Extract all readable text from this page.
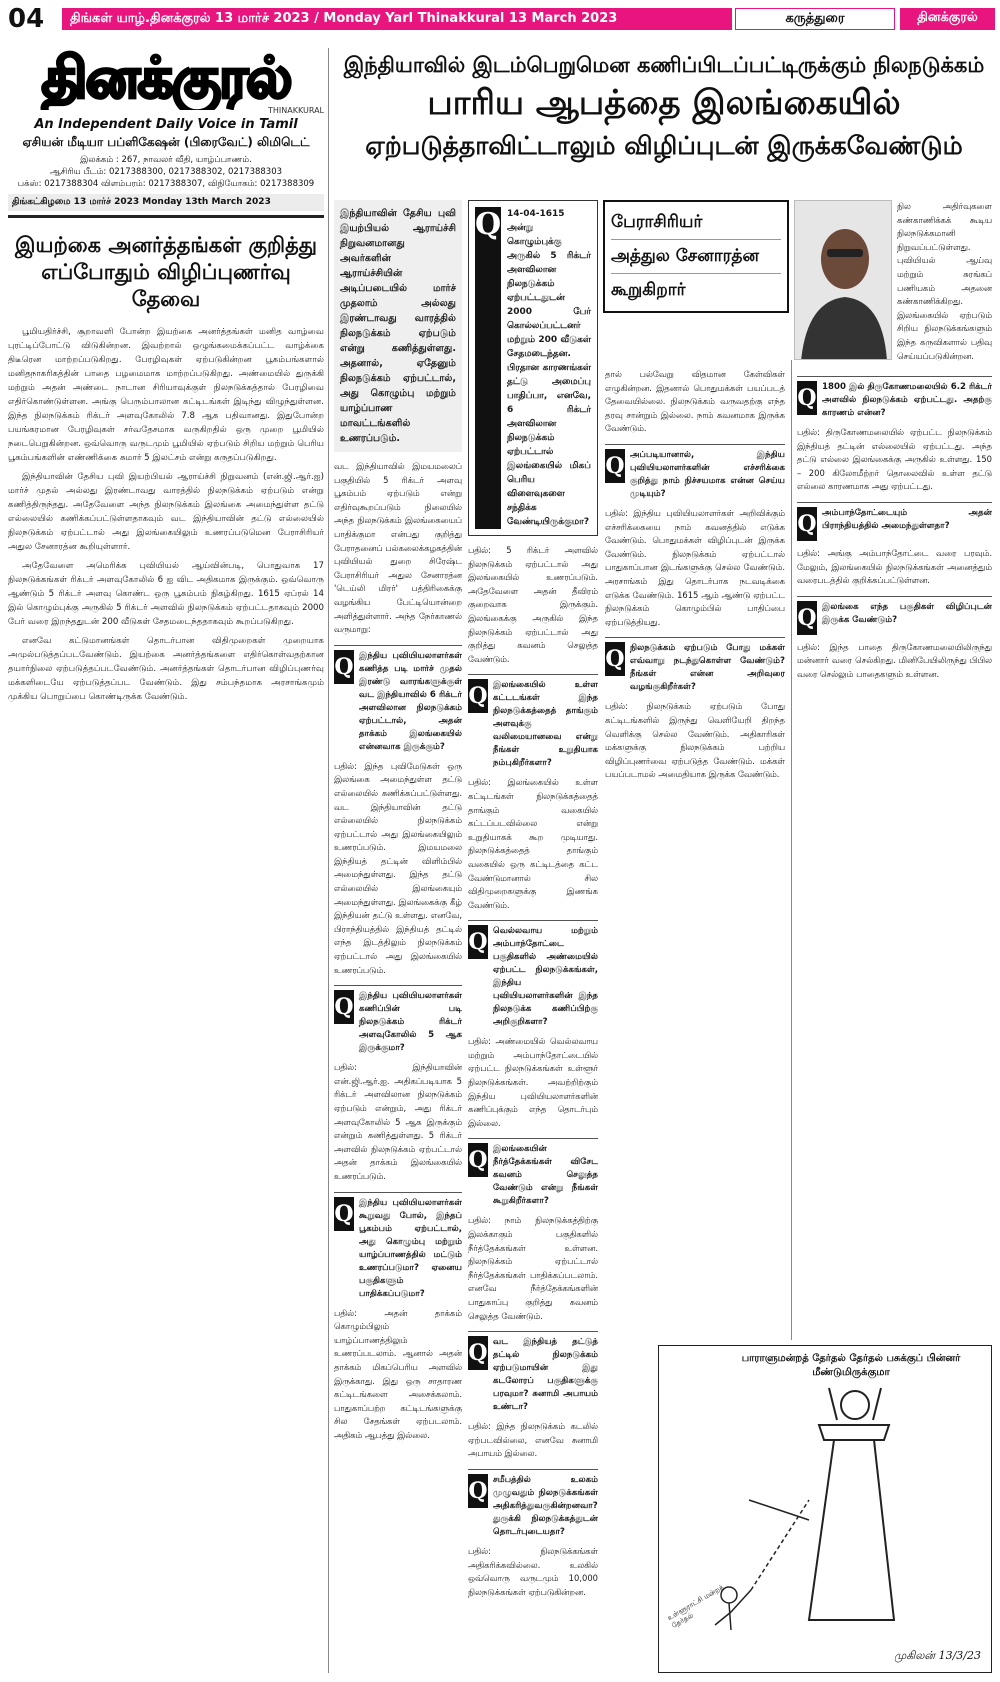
04	திங்கள் யாழ்.தினக்குரல் 13 மார்ச் 2023 / Monday Yarl Thinakkural 13 March 2023	கருத்துரை	தினக்குரல்
தினக்குரல்
THINAKKURAL
An Independent Daily Voice in Tamil
ஏசியன் மீடியா பப்ளிகேஷன் (பிரைவேட்) லிமிடெட்
இலக்கம் : 267, நாவலர் வீதி, யாழ்ப்பாணம்.
ஆசிரிய பீடம்: 0217388300, 0217388302, 0217388303
பக்ஸ்: 0217388304 விளம்பரம்: 0217388307, விநியோகம்: 0217388309
திங்கட்கிழமை 13 மார்ச் 2023 Monday 13th March 2023
இயற்கை அனர்த்தங்கள் குறித்து எப்போதும் விழிப்புணர்வு தேவை

பூமியதிர்ச்சி, சூறாவளி போன்ற இயற்கை அனர்த்தங்கள் மனித வாழ்வை புரட்டிப்போட்டு விடுகின்றன. இவற்றால் ஒழுங்கமைக்கப்பட்ட வாழ்க்கை திடீரென மாற்றப்படுகிறது. பேரழிவுகள் ஏற்படுகின்றன பூகம்பங்களால் மனிதநாகரிகத்தின் பாதை பழமைமாக மாற்றப்படுகிறது. அண்மையில் துருக்கி மற்றும் அதன் அண்டை நாடான சிரியாவுக்குள் நிலநடுக்கத்தால் பேரழிவை எதிர்கொண்டுள்ளன. அங்கு பெரும்பாலான கட்டிடங்கள் இடிந்து விழுந்துள்ளன. இந்த நிலநடுக்கம் ரிக்டர் அளவுகோலில் 7.8 ஆக பதிவானது. இதுபோன்ற பயங்கரமான பேரழிவுகள் சர்வதேசமாக வருகிறதில் ஒரு முறை பூமியில் நடைபெறுகின்றன. ஒவ்வொரு வருடமும் பூமியில் ஏற்படும் சிறிய மற்றும் பெரிய பூகம்பங்களின் எண்ணிக்கை சுமார் 5 இலட்சம் என்று கருதப்படுகிறது.

இந்தியாவின் தேசிய புவி இயற்பியல் ஆராய்ச்சி நிறுவனம் (என்.ஜி.ஆர்.ஐ) மார்ச் முதல் அல்லது இரண்டாவது வாரத்தில் நிலநடுக்கம் ஏற்படும் என்று கணித்திருந்தது. அதேவேளை அந்த நிலநடுக்கம் இலங்கை அமைந்துள்ள தட்டு எல்லையில் கணிக்கப்பட்டுள்ளதாகவும் வட இந்தியாவின் தட்டு எல்லையில் நிலநடுக்கம் ஏற்பட்டால் அது இலங்கையிலும் உணரப்படுமென பேராசிரியர் அதுல சேனாரத்ன கூறியுள்ளார்.

அதேவேளை அமெரிக்க புவியியல் ஆய்வின்படி, பொதுவாக 17 நிலநடுக்கங்கள் ரிக்டர் அளவுகோலில் 6 ஐ விட அதிகமாக இருக்கும். ஒவ்வொரு ஆண்டும் 5 ரிக்டர் அளவு கொண்ட ஒரு பூகம்பம் நிகழ்கிறது. 1615 ஏப்ரல் 14 இல் கொழும்புக்கு அருகில் 5 ரிக்டர் அளவில் நிலநடுக்கம் ஏற்பட்டதாகவும் 2000 பேர் வரை இறந்ததுடன் 200 வீடுகள் சேதமடைந்ததாகவும் கூறப்படுகிறது.

எனவே கட்டுமானங்கள் தொடர்பான விதிமுறைகள் முறையாக அமுல்படுத்தப்படவேண்டும். இயற்கை அனர்த்தங்களை எதிர்கொள்வதற்கான தயார்நிலை ஏற்படுத்தப்படவேண்டும். அனர்த்தங்கள் தொடர்பான விழிப்புணர்வு மக்களிடையே ஏற்படுத்தப்பட வேண்டும். இது சம்பந்தமாக அரசாங்கமும் முக்கிய பொறுப்பை கொண்டிருக்க வேண்டும்.

இந்தியாவில் இடம்பெறுமென கணிப்பிடப்பட்டிருக்கும் நிலநடுக்கம்
பாரிய ஆபத்தை இலங்கையில்
ஏற்படுத்தாவிட்டாலும் விழிப்புடன் இருக்கவேண்டும்
பேராசிரியர்
அத்துல சேனாரத்ன
கூறுகிறார்
இந்தியாவின் தேசிய புவி இயற்பியல் ஆராய்ச்சி நிறுவனமானது அவர்களின் ஆராய்ச்சியின் அடிப்படையில் மார்ச் முதலாம் அல்லது இரண்டாவது வாரத்தில் நிலநடுக்கம் ஏற்படும் என்று கணித்துள்ளது. அதனால், ஏதேனும் நிலநடுக்கம் ஏற்பட்டால், அது கொழும்பு மற்றும் யாழ்ப்பாண மாவட்டங்களில் உணரப்படும்.

வட இந்தியாவில் இமயமலைப் பகுதியில் 5 ரிக்டர் அளவு பூகம்பம் ஏற்படும் என்று எதிர்வுகூறப்படும் நிலையில் அந்த நிலநடுக்கம் இலங்கையைப் பாதிக்குமா என்பது குறித்து பேராதனைப் பல்கலைக்கழகத்தின் புவியியல் துறை சிரேஷ்ட பேராசிரியர் அதுல சேனாரத்ன 'டெய்லி மிரர்' பத்திரிகைக்கு வழங்கிய பேட்டியொன்றை அளித்துள்ளார். அந்த நேர்காணல் வருமாறு:

Q இந்திய புவியியலாளர்கள் கணித்த படி மார்ச் முதல் இரண்டு வாரங்களுக்குள் வட இந்தியாவில் 6 ரிக்டர் அளவிலான நிலநடுக்கம் ஏற்பட்டால், அதன் தாக்கம் இலங்கையில் என்னவாக இருக்கும்?

பதில்: இந்த புவிமேடுகள் ஒரு இலங்கை அமைந்துள்ள தட்டு எல்லையில் கணிக்கப்பட்டுள்ளது. வட இந்தியாவின் தட்டு எல்லையில் நிலநடுக்கம் ஏற்பட்டால் அது இலங்கையிலும் உணரப்படும். இமயமலை இந்தியத் தட்டின் விளிம்பில் அமைந்துள்ளது. இந்த தட்டு எல்லையில் இலங்கையும் அமைந்துள்ளது. இலங்கைக்கு கீழ் இந்தியன் தட்டு உள்ளது. எனவே, பிராந்தியத்தில் இந்தியத் தட்டில் எந்த இடத்திலும் நிலநடுக்கம் ஏற்பட்டால் அது இலங்கையில் உணரப்படும்.

Q இந்திய புவியியலாளர்கள் கணிப்பின் படி நிலநடுக்கம் ரிக்டர் அளவுகோலில் 5 ஆக இருக்குமா?

பதில்: இந்தியாவின் என்.ஜி.ஆர்.ஐ. அதிகப்படியாக 5 ரிக்டர் அளவிலான நிலநடுக்கம் ஏற்படும் என்றும், அது ரிக்டர் அளவுகோலில் 5 ஆக இருக்கும் என்றும் கணித்துள்ளது. 5 ரிக்டர் அளவில் நிலநடுக்கம் ஏற்பட்டால் அதன் தாக்கம் இலங்கையில் உணரப்படும்.

Q இந்திய புவியியலாளர்கள் கூறுவது போல், இந்தப் பூகம்பம் ஏற்பட்டால், அது கொழும்பு மற்றும் யாழ்ப்பாணத்தில் மட்டும் உணரப்படுமா? ஏனைய பகுதிகளும் பாதிக்கப்படுமா?

பதில்: அதன் தாக்கம் கொழும்பிலும் யாழ்ப்பாணத்திலும் உணரப்படலாம். ஆனால் அதன் தாக்கம் மிகப்பெரிய அளவில் இருக்காது. இது ஒரு சாதாரண கட்டிடங்களை அசைக்கலாம். பாதுகாப்பற்ற கட்டிடங்களுக்கு சில சேதங்கள் ஏற்படலாம். அதிகம் ஆபத்து இல்லை.

Q 14-04-1615 அன்று கொழும்புக்கு அருகில் 5 ரிக்டர் அளவிலான நிலநடுக்கம் ஏற்பட்டதுடன் 2000 பேர் கொல்லப்பட்டனர் மற்றும் 200 வீடுகள் சேதமடைந்தன. பிரதான காரணங்கள் தட்டு அமைப்பு பாதிப்பா, எனவே, 6 ரிக்டர் அளவிலான நிலநடுக்கம் ஏற்பட்டால் இலங்கையில் மிகப் பெரிய விளைவுகளை சந்திக்க வேண்டியிருக்குமா?

பதில்: 5 ரிக்டர் அளவில் நிலநடுக்கம் ஏற்பட்டால் அது இலங்கையில் உணரப்படும். அதேவேளை அதன் தீவிரம் குறைவாக இருக்கும். இலங்கைக்கு அருகில் இந்த நிலநடுக்கம் ஏற்பட்டால் அது குறித்து கவனம் செலுத்த வேண்டும்.

Q இலங்கையில் உள்ள கட்டடங்கள் இந்த நிலநடுக்கத்தைத் தாங்கும் அளவுக்கு வலிமையானவை என்று நீங்கள் உறுதியாக நம்புகிறீர்களா?

பதில்: இலங்கையில் உள்ள கட்டிடங்கள் நிலநடுக்கத்தைத் தாங்கும் வகையில் கட்டப்படவில்லை என்று உறுதியாகக் கூற முடியாது. நிலநடுக்கத்தைத் தாங்கும் வகையில் ஒரு கட்டிடத்தை கட்ட வேண்டுமானால் சில விதிமுறைகளுக்கு இணங்க வேண்டும்.

Q வெல்லவாய மற்றும் அம்பாந்தோட்டை பகுதிகளில் அண்மையில் ஏற்பட்ட நிலநடுக்கங்கள், இந்திய புவியியலாளர்களின் இந்த நிலநடுக்க கணிப்பிற்கு அறிகுறிகளா?

பதில்: அண்மையில் வெல்லவாய மற்றும் அம்பாந்தோட்டையில் ஏற்பட்ட நிலநடுக்கங்கள் உள்ளூர் நிலநடுக்கங்கள். அவற்றிற்கும் இந்திய புவியியலாளர்களின் கணிப்புக்கும் எந்த தொடர்பும் இல்லை.

Q இலங்கையின் நீர்த்தேக்கங்கள் விசேட கவனம் செலுத்த வேண்டும் என்று நீங்கள் கூறுகிறீர்களா?

பதில்: நாம் நிலநடுக்கத்திற்கு இலக்காகும் பகுதிகளில் நீர்த்தேக்கங்கள் உள்ளன. நிலநடுக்கம் ஏற்பட்டால் நீர்த்தேக்கங்கள் பாதிக்கப்படலாம். எனவே நீர்த்தேக்கங்களின் பாதுகாப்பு குறித்து கவனம் செலுத்த வேண்டும்.

Q வட இந்தியத் தட்டுத் தட்டில் நிலநடுக்கம் ஏற்படுமாயின் இது கடலோரப் பகுதிகளுக்கு பரவுமா? சுனாமி அபாயம் உண்டா?

பதில்: இந்த நிலநடுக்கம் கடலில் ஏற்படவில்லை, எனவே சுனாமி அபாயம் இல்லை.

Q சமீபத்தில் உலகம் முழுவதும் நிலநடுக்கங்கள் அதிகரித்துவருகின்றனவா? துருக்கி நிலநடுக்கத்துடன் தொடர்புடையதா?

பதில்: நிலநடுக்கங்கள் அதிகரிக்கவில்லை. உலகில் ஒவ்வொரு வருடமும் 10,000 நிலநடுக்கங்கள் ஏற்படுகின்றன.

தால் பல்வேறு விதமான கேள்விகள் எழுகின்றன. இதனால் பொதுமக்கள் பயப்படத் தேவையில்லை. நிலநடுக்கம் வருவதற்கு எந்த தரவு சான்றும் இல்லை. நாம் கவனமாக இருக்க வேண்டும்.

Q அப்படியானால், இந்திய புவியியலாளர்களின் எச்சரிக்கை குறித்து நாம் நிச்சயமாக என்ன செய்ய முடியும்?

பதில்: இந்திய புவியியலாளர்கள் அறிவிக்கும் எச்சரிக்கையை நாம் கவனத்தில் எடுக்க வேண்டும். பொதுமக்கள் விழிப்புடன் இருக்க வேண்டும். நிலநடுக்கம் ஏற்பட்டால் பாதுகாப்பான இடங்களுக்கு செல்ல வேண்டும். அரசாங்கம் இது தொடர்பாக நடவடிக்கை எடுக்க வேண்டும். 1615 ஆம் ஆண்டு ஏற்பட்ட நிலநடுக்கம் கொழும்பில் பாதிப்பை ஏற்படுத்தியது.

Q நிலநடுக்கம் ஏற்படும் போது மக்கள் எவ்வாறு நடந்துகொள்ள வேண்டும்? நீங்கள் என்ன அறிவுரை வழங்குகிறீர்கள்?

பதில்: நிலநடுக்கம் ஏற்படும் போது கட்டிடங்களில் இருந்து வெளியேறி திறந்த வெளிக்கு செல்ல வேண்டும். அதிகாரிகள் மக்களுக்கு நிலநடுக்கம் பற்றிய விழிப்புணர்வை ஏற்படுத்த வேண்டும். மக்கள் பயப்படாமல் அமைதியாக இருக்க வேண்டும்.

நில அதிர்வுகளை கண்காணிக்கக் கூடிய நிலநடுக்கமானி நிறுவப்பட்டுள்ளது. புவியியல் ஆய்வு மற்றும் சுரங்கப் பணியகம் அதனை கண்காணிக்கிறது. இலங்கையில் ஏற்படும் சிறிய நிலநடுக்கங்களும் இந்த கருவிகளால் பதிவு செய்யப்படுகின்றன.

Q 1800 இல் திருகோணமலையில் 6.2 ரிக்டர் அளவில் நிலநடுக்கம் ஏற்பட்டது. அதற்கு காரணம் என்ன?

பதில்: திருகோணமலையில் ஏற்பட்ட நிலநடுக்கம் இந்தியத் தட்டின் எல்லையில் ஏற்பட்டது. அந்த தட்டு எல்லை இலங்கைக்கு அருகில் உள்ளது. 150 – 200 கிலோமீற்றர் தொலைவில் உள்ள தட்டு எல்லை காரணமாக அது ஏற்பட்டது.

Q அம்பாந்தோட்டையும் அதன் பிராந்தியத்தில் அமைந்துள்ளதா?

பதில்: அங்கு அம்பாந்தோட்டை வரை பரவும். மேலும், இலங்கையில் நிலநடுக்கங்கள் அனைத்தும் வரைபடத்தில் குறிக்கப்பட்டுள்ளன.

Q இலங்கை எந்த பகுதிகள் விழிப்புடன் இருக்க வேண்டும்?

பதில்: இந்த பாதை திருகோணமலையிலிருந்து மன்னார் வரை செல்கிறது. மினிபேயிலிருந்து பிபில வரை செல்லும் பாதைகளும் உள்ளன.

பாராளுமன்றத் தேர்தல் தேர்தல் பசுக்குப் பின்னர் மீண்டுமிருக்குமா
உள்ளூராட்சி மன்றத் தேர்தல்
முகிலன் 13/3/23
